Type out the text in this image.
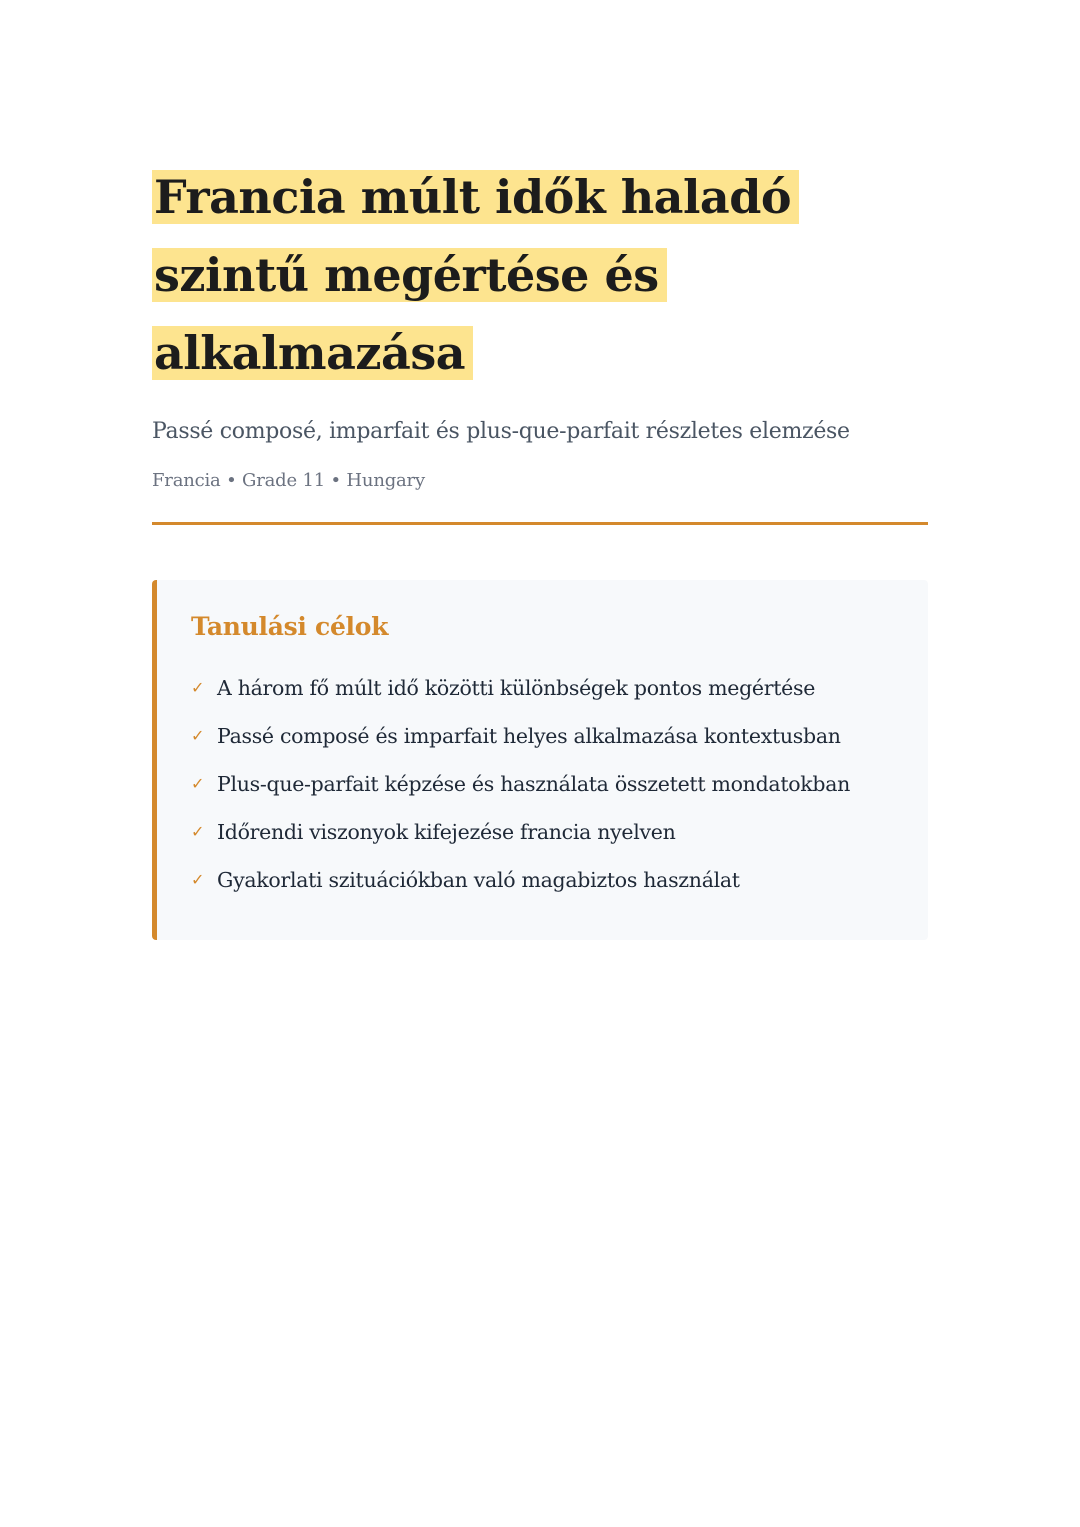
Francia múlt idők haladó szintű megértése és alkalmazása

Passé composé, imparfait és plus-que-parfait részletes elemzése

Francia • Grade 11 • Hungary

Tanulási célok
✓ A három fő múlt idő közötti különbségek pontos megértése
✓ Passé composé és imparfait helyes alkalmazása kontextusban
✓ Plus-que-parfait képzése és használata összetett mondatokban
✓ Időrendi viszonyok kifejezése francia nyelven
✓ Gyakorlati szituációkban való magabiztos használat
